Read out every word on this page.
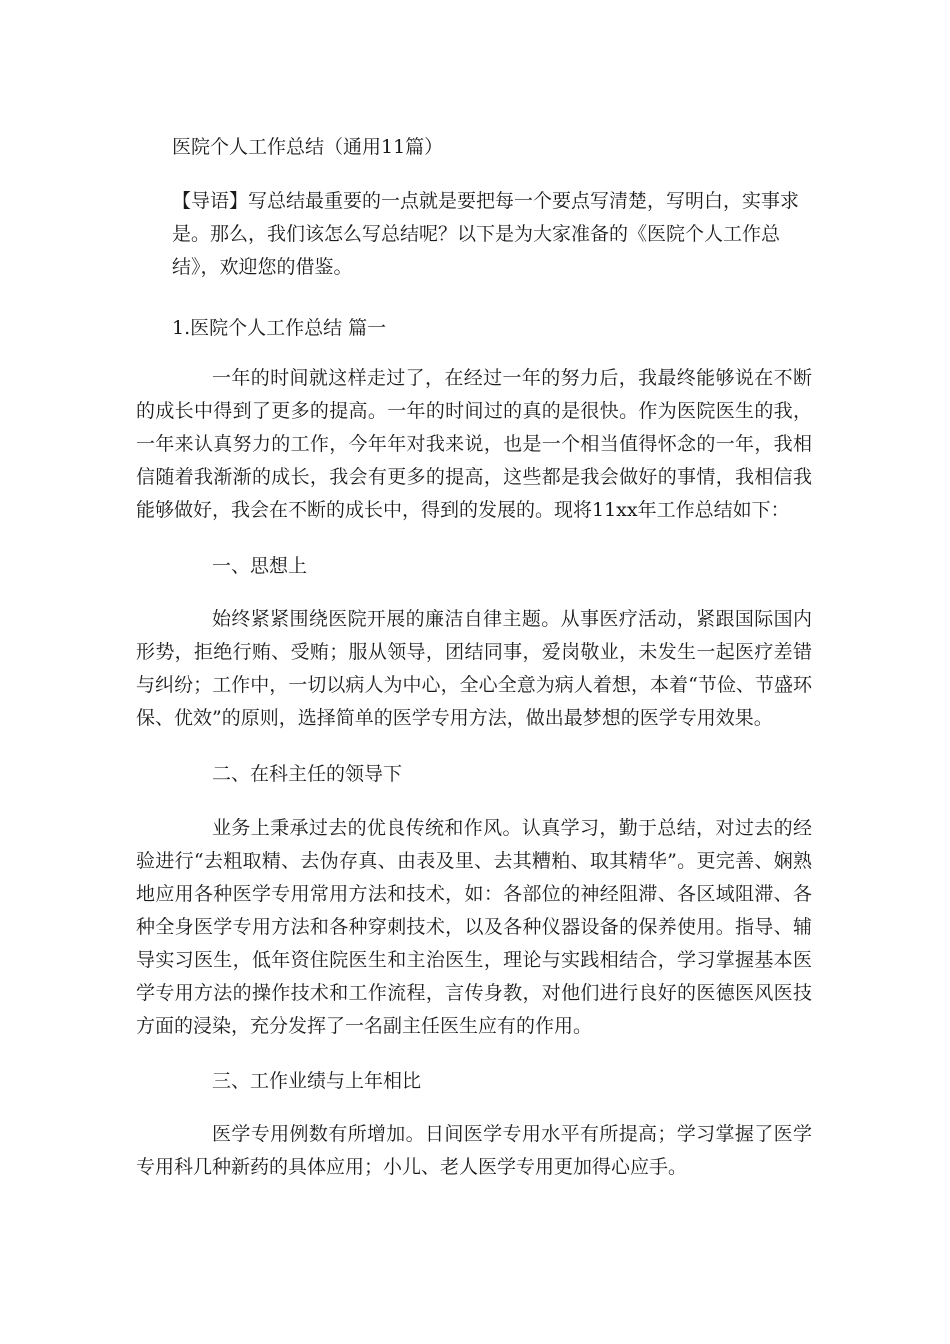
医院个人工作总结（通用11篇）

【导语】写总结最重要的一点就是要把每一个要点写清楚，写明白，实事求是。那么，我们该怎么写总结呢？以下是为大家准备的《医院个人工作总结》，欢迎您的借鉴。

1.医院个人工作总结 篇一

一年的时间就这样走过了，在经过一年的努力后，我最终能够说在不断的成长中得到了更多的提高。一年的时间过的真的是很快。作为医院医生的我，一年来认真努力的工作，今年年对我来说，也是一个相当值得怀念的一年，我相信随着我渐渐的成长，我会有更多的提高，这些都是我会做好的事情，我相信我能够做好，我会在不断的成长中，得到的发展的。现将11xx年工作总结如下：

一、思想上

始终紧紧围绕医院开展的廉洁自律主题。从事医疗活动，紧跟国际国内形势，拒绝行贿、受贿；服从领导，团结同事，爱岗敬业，未发生一起医疗差错与纠纷；工作中，一切以病人为中心，全心全意为病人着想，本着“节俭、节盛环保、优效”的原则，选择简单的医学专用方法，做出最梦想的医学专用效果。

二、在科主任的领导下

业务上秉承过去的优良传统和作风。认真学习，勤于总结，对过去的经验进行“去粗取精、去伪存真、由表及里、去其糟粕、取其精华”。更完善、娴熟地应用各种医学专用常用方法和技术，如：各部位的神经阻滞、各区域阻滞、各种全身医学专用方法和各种穿刺技术，以及各种仪器设备的保养使用。指导、辅导实习医生，低年资住院医生和主治医生，理论与实践相结合，学习掌握基本医学专用方法的操作技术和工作流程，言传身教，对他们进行良好的医德医风医技方面的浸染，充分发挥了一名副主任医生应有的作用。

三、工作业绩与上年相比

医学专用例数有所增加。日间医学专用水平有所提高；学习掌握了医学专用科几种新药的具体应用；小儿、老人医学专用更加得心应手。
